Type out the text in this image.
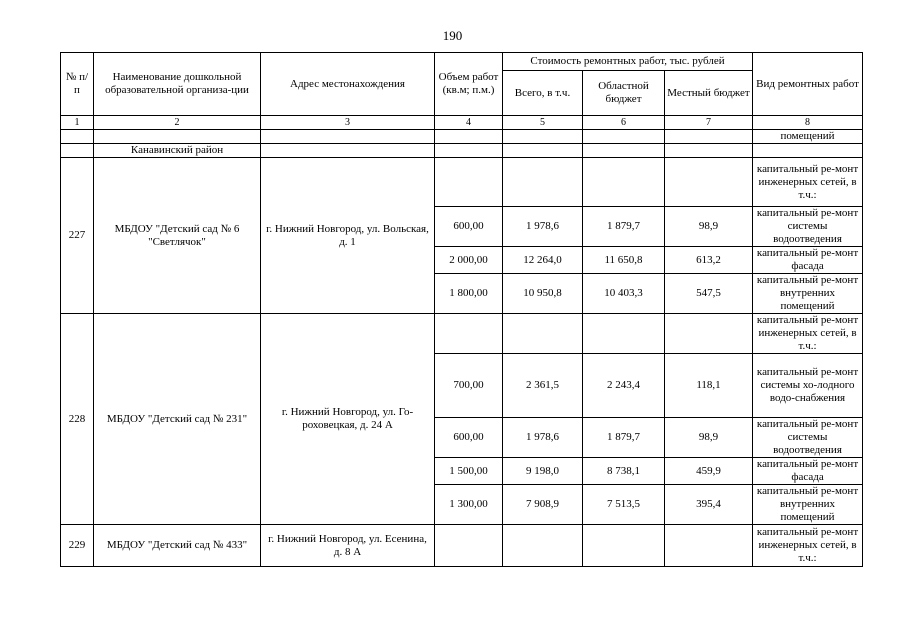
190
№ п/п	Наименование дошкольной образовательной организа-ции	Адрес местонахождения	Объем работ (кв.м; п.м.)	Стоимость ремонтных работ, тыс. рублей			Вид ремонтных работ
				Всего, в т.ч.	Областной бюджет	Местный бюджет	
1	2	3	4	5	6	7	8
							помещений
	Канавинский район						
227	МБДОУ "Детский сад № 6 "Светлячок"	г. Нижний Новгород, ул. Вольская, д. 1					капитальный ре-монт инженерных сетей, в т.ч.:
			600,00	1 978,6	1 879,7	98,9	капитальный ре-монт системы водоотведения
			2 000,00	12 264,0	11 650,8	613,2	капитальный ре-монт фасада
			1 800,00	10 950,8	10 403,3	547,5	капитальный ре-монт внутренних помещений
228	МБДОУ "Детский сад № 231"	г. Нижний Новгород, ул. Го-роховецкая, д. 24 А					капитальный ре-монт инженерных сетей, в т.ч.:
			700,00	2 361,5	2 243,4	118,1	капитальный ре-монт системы хо-лодного водо-снабжения
			600,00	1 978,6	1 879,7	98,9	капитальный ре-монт системы водоотведения
			1 500,00	9 198,0	8 738,1	459,9	капитальный ре-монт фасада
			1 300,00	7 908,9	7 513,5	395,4	капитальный ре-монт внутренних помещений
229	МБДОУ "Детский сад № 433"	г. Нижний Новгород, ул. Есенина, д. 8 А					капитальный ре-монт инженерных сетей, в т.ч.:
